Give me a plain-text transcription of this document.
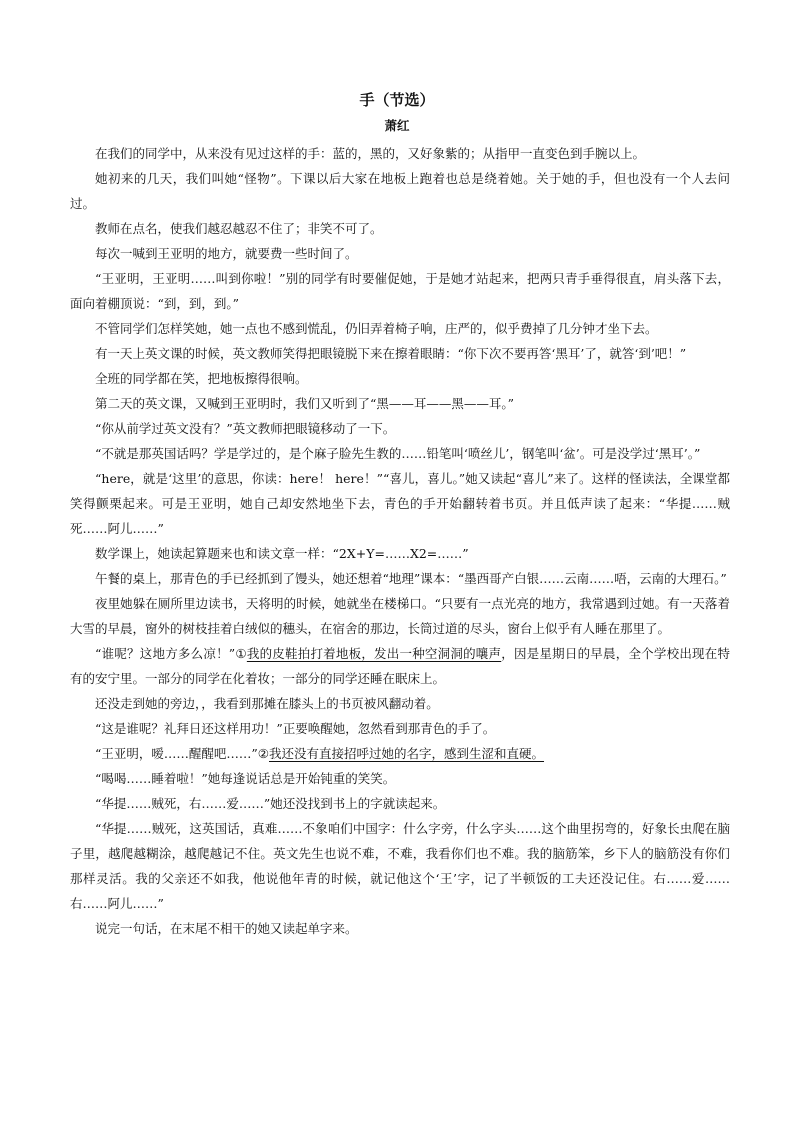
手（节选）
萧红

在我们的同学中，从来没有见过这样的手：蓝的，黑的，又好象紫的；从指甲一直变色到手腕以上。

她初来的几天，我们叫她“怪物”。下课以后大家在地板上跑着也总是绕着她。关于她的手，但也没有一个人去问过。

教师在点名，使我们越忍越忍不住了；非笑不可了。

每次一喊到王亚明的地方，就要费一些时间了。

“王亚明，王亚明……叫到你啦！”别的同学有时要催促她，于是她才站起来，把两只青手垂得很直，肩头落下去，面向着棚顶说：“到，到，到。”

不管同学们怎样笑她，她一点也不感到慌乱，仍旧弄着椅子响，庄严的，似乎费掉了几分钟才坐下去。

有一天上英文课的时候，英文教师笑得把眼镜脱下来在擦着眼睛：“你下次不要再答‘黑耳’了，就答‘到’吧！”

全班的同学都在笑，把地板擦得很响。

第二天的英文课，又喊到王亚明时，我们又听到了“黑——耳——黑——耳。”

“你从前学过英文没有？”英文教师把眼镜移动了一下。

“不就是那英国话吗？学是学过的，是个麻子脸先生教的……铅笔叫‘喷丝儿’，钢笔叫‘盆’。可是没学过‘黑耳’。”

“here，就是‘这里’的意思，你读：here！ here！”“喜儿，喜儿。”她又读起“喜儿”来了。这样的怪读法，全课堂都笑得颤栗起来。可是王亚明，她自己却安然地坐下去，青色的手开始翻转着书页。并且低声读了起来：“华提……贼死……阿儿……”

数学课上，她读起算题来也和读文章一样：“2X+Y=……X2=……”

午餐的桌上，那青色的手已经抓到了馒头，她还想着“地理”课本：“墨西哥产白银……云南……唔，云南的大理石。”

夜里她躲在厕所里边读书，天将明的时候，她就坐在楼梯口。“只要有一点光亮的地方，我常遇到过她。有一天落着大雪的早晨，窗外的树枝挂着白绒似的穗头，在宿舍的那边，长筒过道的尽头，窗台上似乎有人睡在那里了。

“谁呢？这地方多么凉！”①我的皮鞋拍打着地板，发出一种空洞洞的嚷声，因是星期日的早晨，全个学校出现在特有的安宁里。一部分的同学在化着妆；一部分的同学还睡在眠床上。

还没走到她的旁边，，我看到那摊在膝头上的书页被风翻动着。

“这是谁呢？礼拜日还这样用功！”正要唤醒她，忽然看到那青色的手了。

“王亚明，嗳……醒醒吧……”②我还没有直接招呼过她的名字，感到生涩和直硬。

“喝喝……睡着啦！”她每逢说话总是开始钝重的笑笑。

“华提……贼死，右……爱……”她还没找到书上的字就读起来。

“华提……贼死，这英国话，真难……不象咱们中国字：什么字旁，什么字头……这个曲里拐弯的，好象长虫爬在脑子里，越爬越糊涂，越爬越记不住。英文先生也说不难，不难，我看你们也不难。我的脑筋笨，乡下人的脑筋没有你们那样灵活。我的父亲还不如我，他说他年青的时候，就记他这个‘王’字，记了半顿饭的工夫还没记住。右……爱……右……阿儿……”

说完一句话，在末尾不相干的她又读起单字来。
